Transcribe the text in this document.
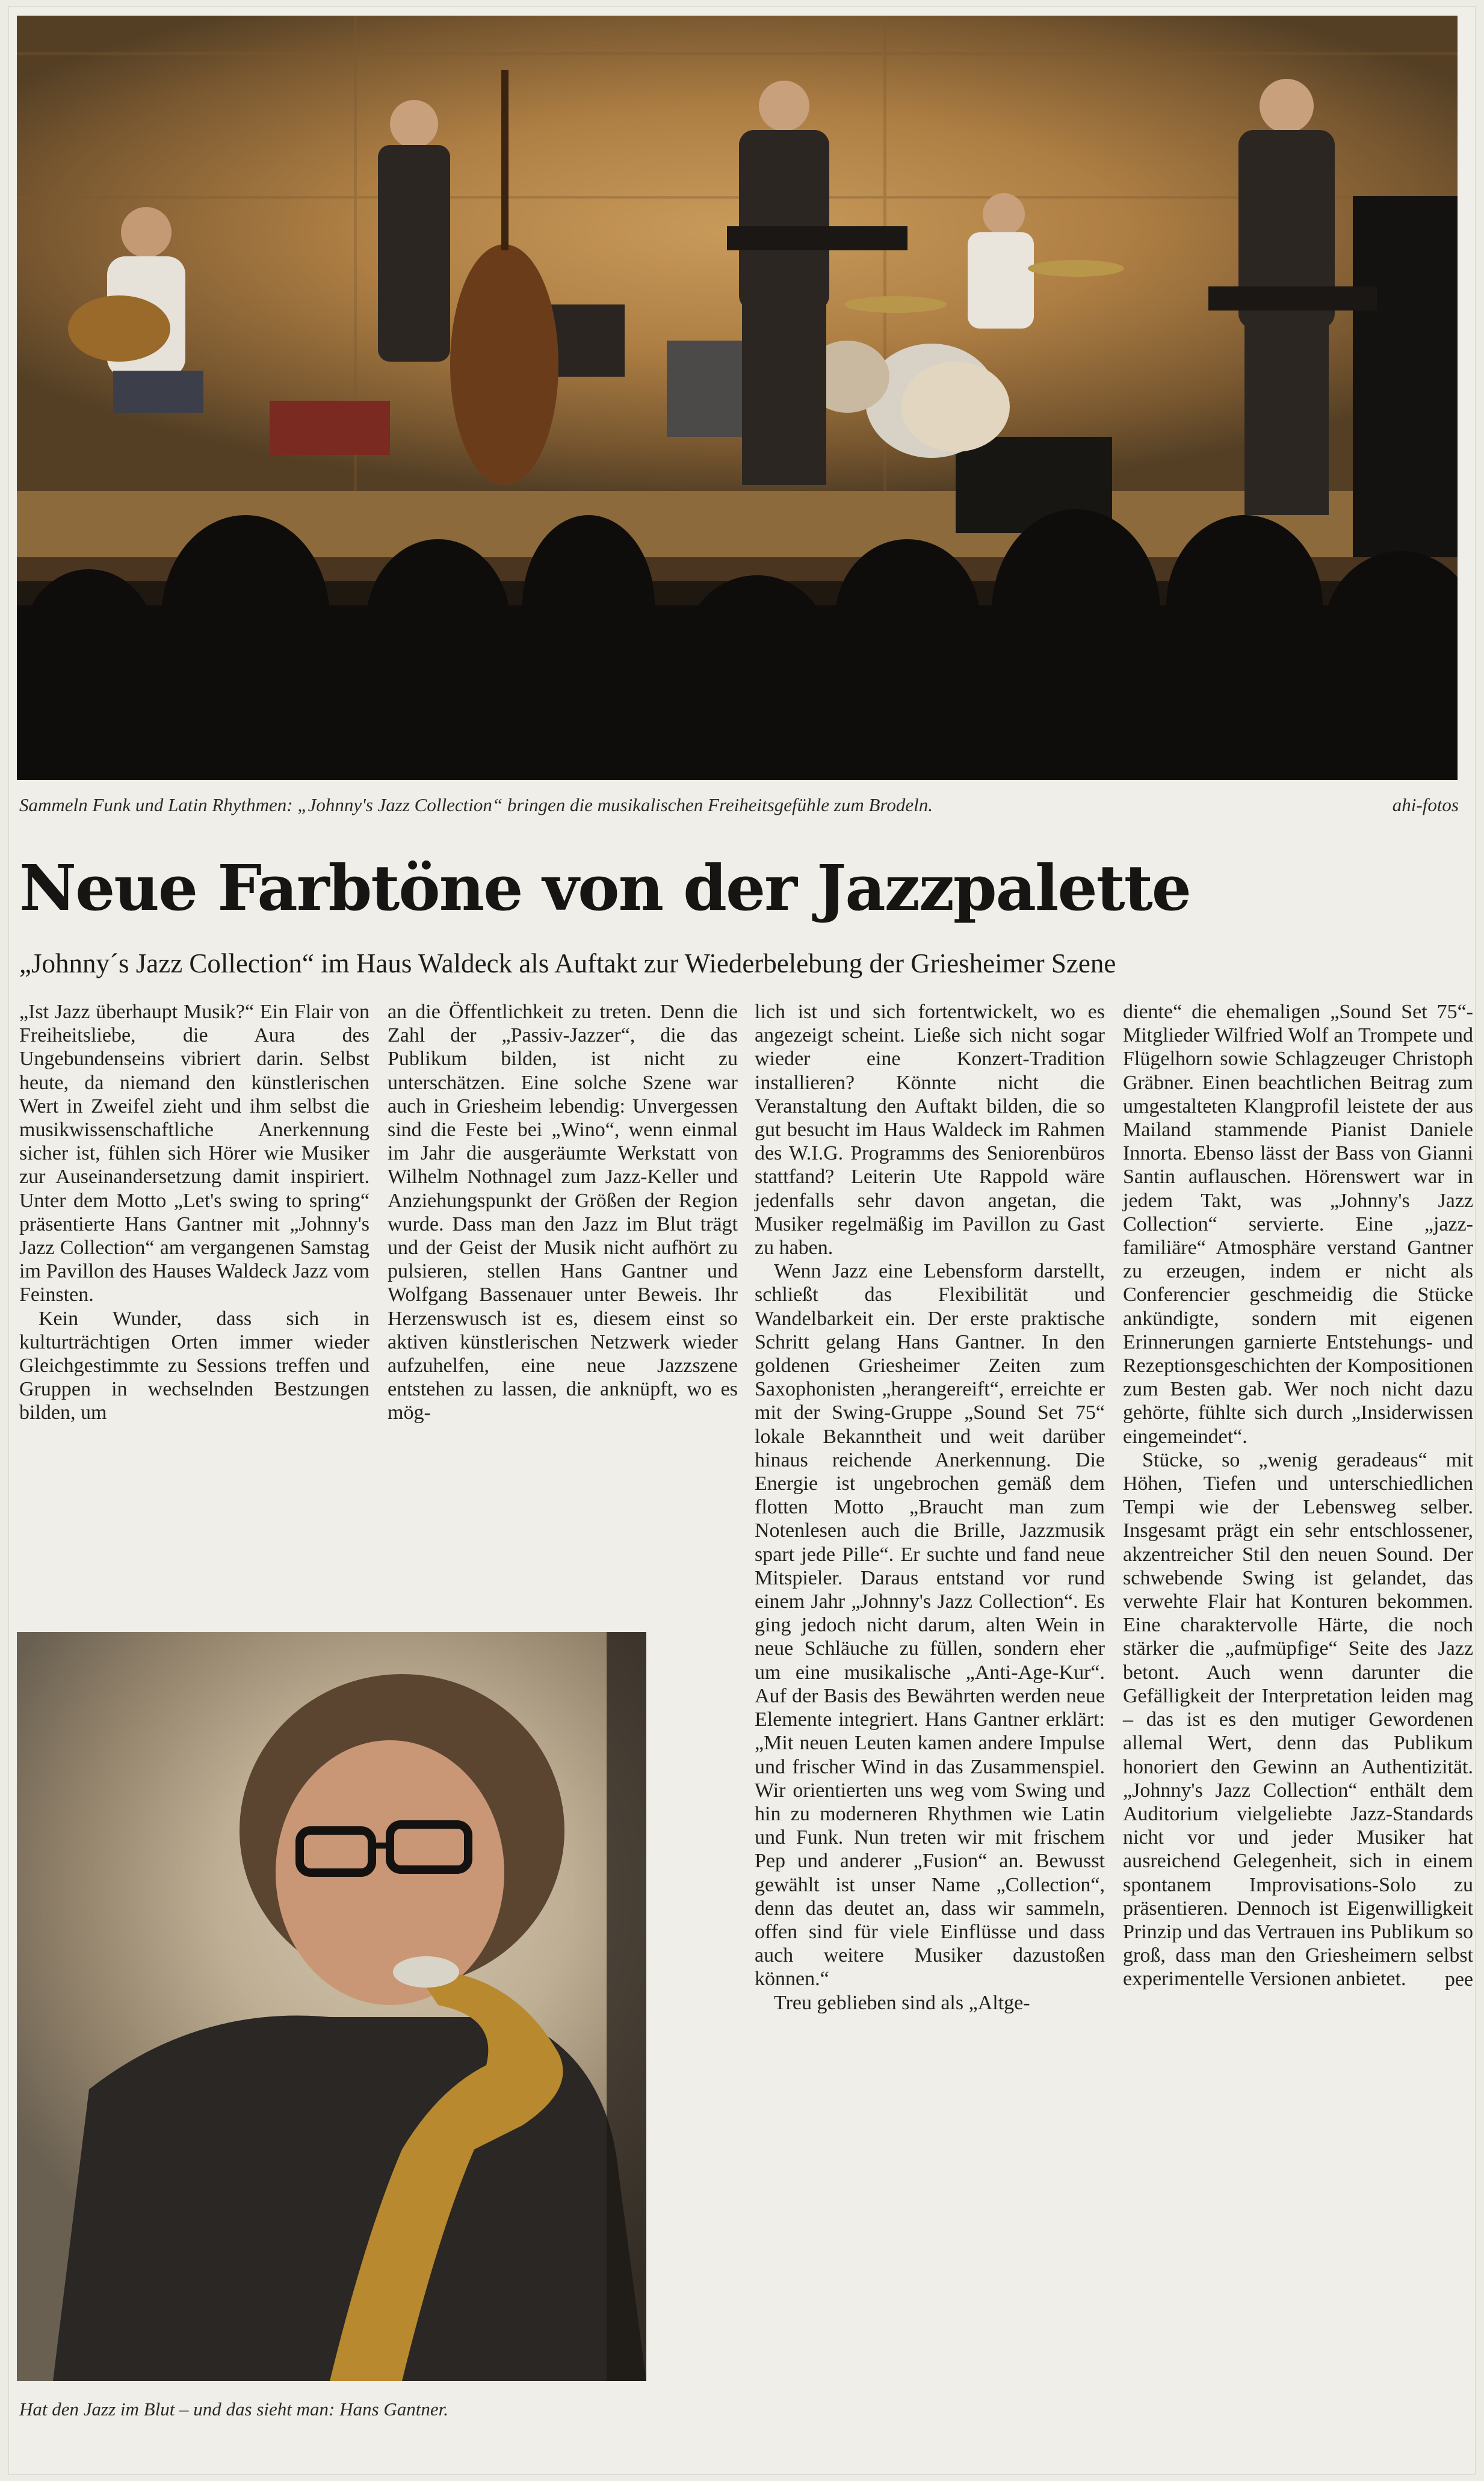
Sammeln Funk und Latin Rhythmen: „Johnny's Jazz Collection“ bringen die musikalischen Freiheitsgefühle zum Brodeln.	ahi-fotos
Neue Farbtöne von der Jazzpalette
„Johnny´s Jazz Collection“ im Haus Waldeck als Auftakt zur Wiederbelebung der Griesheimer Szene

„Ist Jazz überhaupt Musik?“ Ein Flair von Freiheitsliebe, die Aura des Ungebundenseins vibriert darin. Selbst heute, da niemand den künstlerischen Wert in Zweifel zieht und ihm selbst die musikwissenschaftliche Anerkennung sicher ist, fühlen sich Hörer wie Musiker zur Auseinandersetzung damit inspiriert. Unter dem Motto „Let's swing to spring“ präsentierte Hans Gantner mit „Johnny's Jazz Collection“ am vergangenen Samstag im Pavillon des Hauses Waldeck Jazz vom Feinsten.

Kein Wunder, dass sich in kulturträchtigen Orten immer wieder Gleichgestimmte zu Sessions treffen und Gruppen in wechselnden Bestzungen bilden, um

an die Öffentlichkeit zu treten. Denn die Zahl der „Passiv-Jazzer“, die das Publikum bilden, ist nicht zu unterschätzen. Eine solche Szene war auch in Griesheim lebendig: Unvergessen sind die Feste bei „Wino“, wenn einmal im Jahr die ausgeräumte Werkstatt von Wilhelm Nothnagel zum Jazz-Keller und Anziehungspunkt der Größen der Region wurde. Dass man den Jazz im Blut trägt und der Geist der Musik nicht aufhört zu pulsieren, stellen Hans Gantner und Wolfgang Bassenauer unter Beweis. Ihr Herzenswusch ist es, diesem einst so aktiven künstlerischen Netzwerk wieder aufzuhelfen, eine neue Jazzszene entstehen zu lassen, die anknüpft, wo es mög-

lich ist und sich fortentwickelt, wo es angezeigt scheint. Ließe sich nicht sogar wieder eine Konzert-Tradition installieren? Könnte nicht die Veranstaltung den Auftakt bilden, die so gut besucht im Haus Waldeck im Rahmen des W.I.G. Programms des Seniorenbüros stattfand? Leiterin Ute Rappold wäre jedenfalls sehr davon angetan, die Musiker regelmäßig im Pavillon zu Gast zu haben.

Wenn Jazz eine Lebensform darstellt, schließt das Flexibilität und Wandelbarkeit ein. Der erste praktische Schritt gelang Hans Gantner. In den goldenen Griesheimer Zeiten zum Saxophonisten „herangereift“, erreichte er mit der Swing-Gruppe „Sound Set 75“ lokale Bekanntheit und weit darüber hinaus reichende Anerkennung. Die Energie ist ungebrochen gemäß dem flotten Motto „Braucht man zum Notenlesen auch die Brille, Jazzmusik spart jede Pille“. Er suchte und fand neue Mitspieler. Daraus entstand vor rund einem Jahr „Johnny's Jazz Collection“. Es ging jedoch nicht darum, alten Wein in neue Schläuche zu füllen, sondern eher um eine musikalische „Anti-Age-Kur“. Auf der Basis des Bewährten werden neue Elemente integriert. Hans Gantner erklärt: „Mit neuen Leuten kamen andere Impulse und frischer Wind in das Zusammenspiel. Wir orientierten uns weg vom Swing und hin zu moderneren Rhythmen wie Latin und Funk. Nun treten wir mit frischem Pep und anderer „Fusion“ an. Bewusst gewählt ist unser Name „Collection“, denn das deutet an, dass wir sammeln, offen sind für viele Einflüsse und dass auch weitere Musiker dazustoßen können.“

Treu geblieben sind als „Altge-

diente“ die ehemaligen „Sound Set 75“-Mitglieder Wilfried Wolf an Trompete und Flügelhorn sowie Schlagzeuger Christoph Gräbner. Einen beachtlichen Beitrag zum umgestalteten Klangprofil leistete der aus Mailand stammende Pianist Daniele Innorta. Ebenso lässt der Bass von Gianni Santin auflauschen. Hörenswert war in jedem Takt, was „Johnny's Jazz Collection“ servierte. Eine „jazz-familiäre“ Atmosphäre verstand Gantner zu erzeugen, indem er nicht als Conferencier geschmeidig die Stücke ankündigte, sondern mit eigenen Erinnerungen garnierte Entstehungs- und Rezeptionsgeschichten der Kompositionen zum Besten gab. Wer noch nicht dazu gehörte, fühlte sich durch „Insiderwissen eingemeindet“.

Stücke, so „wenig geradeaus“ mit Höhen, Tiefen und unterschiedlichen Tempi wie der Lebensweg selber. Insgesamt prägt ein sehr entschlossener, akzentreicher Stil den neuen Sound. Der schwebende Swing ist gelandet, das verwehte Flair hat Konturen bekommen. Eine charaktervolle Härte, die noch stärker die „aufmüpfige“ Seite des Jazz betont. Auch wenn darunter die Gefälligkeit der Interpretation leiden mag – das ist es den mutiger Gewordenen allemal Wert, denn das Publikum honoriert den Gewinn an Authentizität. „Johnny's Jazz Collection“ enthält dem Auditorium vielgeliebte Jazz-Standards nicht vor und jeder Musiker hat ausreichend Gelegenheit, sich in einem spontanem Improvisations-Solo zu präsentieren. Dennoch ist Eigenwilligkeit Prinzip und das Vertrauen ins Publikum so groß, dass man den Griesheimern selbst experimentelle Versionen anbietet.	pee
Hat den Jazz im Blut – und das sieht man: Hans Gantner.
